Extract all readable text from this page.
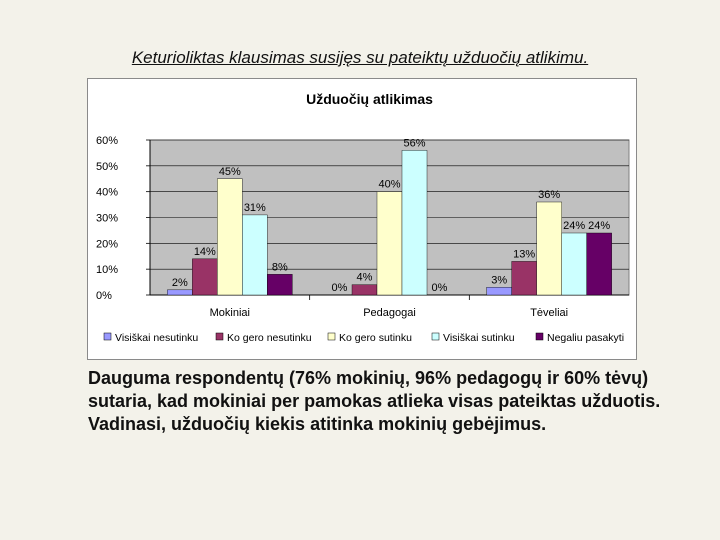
Keturioliktas klausimas susijęs su pateiktų užduočių atlikimu.
Užduočių atlikimas
0%
10%
20%
30%
40%
50%
60%
Mokiniai
2%
14%
45%
31%
8%
Pedagogai
0%
4%
40%
56%
0%
Tėveliai
3%
13%
36%
24% 24%
Visiškai nesutinku	Ko gero nesutinku	Ko gero sutinku	Visiškai sutinku	Negaliu pasakyti
Dauguma respondentų (76% mokinių, 96% pedagogų ir 60% tėvų) sutaria, kad mokiniai per pamokas atlieka visas pateiktas užduotis. Vadinasi, užduočių kiekis atitinka mokinių gebėjimus.
